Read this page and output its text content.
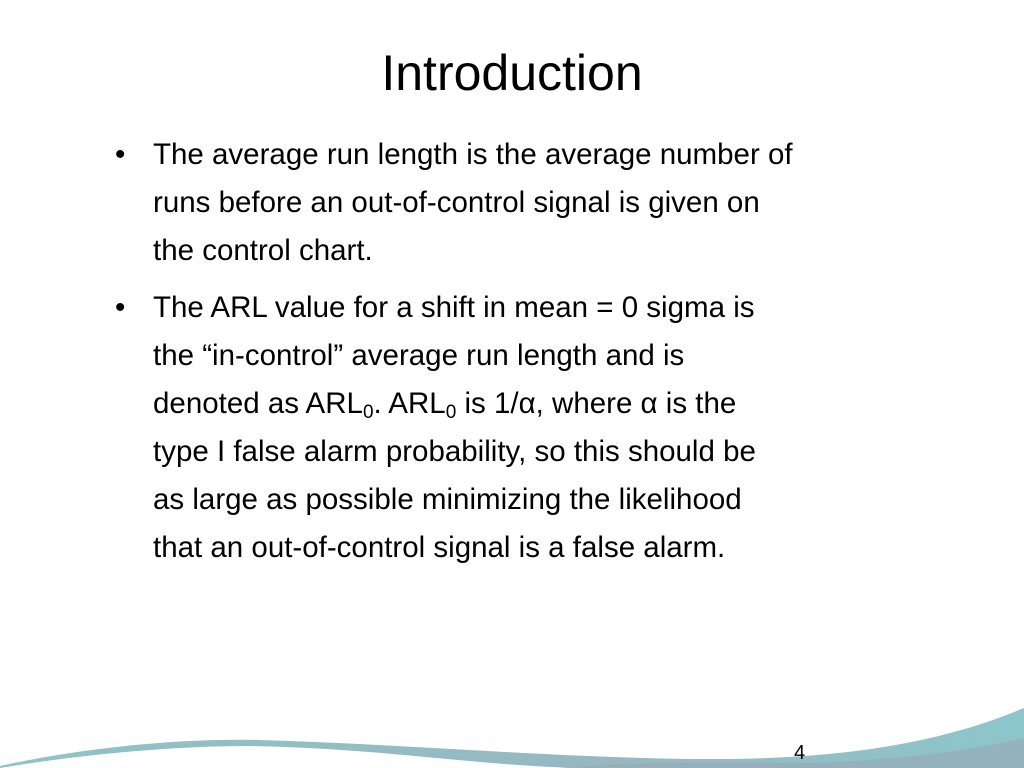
Introduction
• The average run length is the average number of
runs before an out-of-control signal is given on
the control chart.
• The ARL value for a shift in mean = 0 sigma is
the “in-control” average run length and is
denoted as $ARL_0$. $ARL_0$ is 1/α, where α is the
type I false alarm probability, so this should be
as large as possible minimizing the likelihood
that an out-of-control signal is a false alarm.
4
